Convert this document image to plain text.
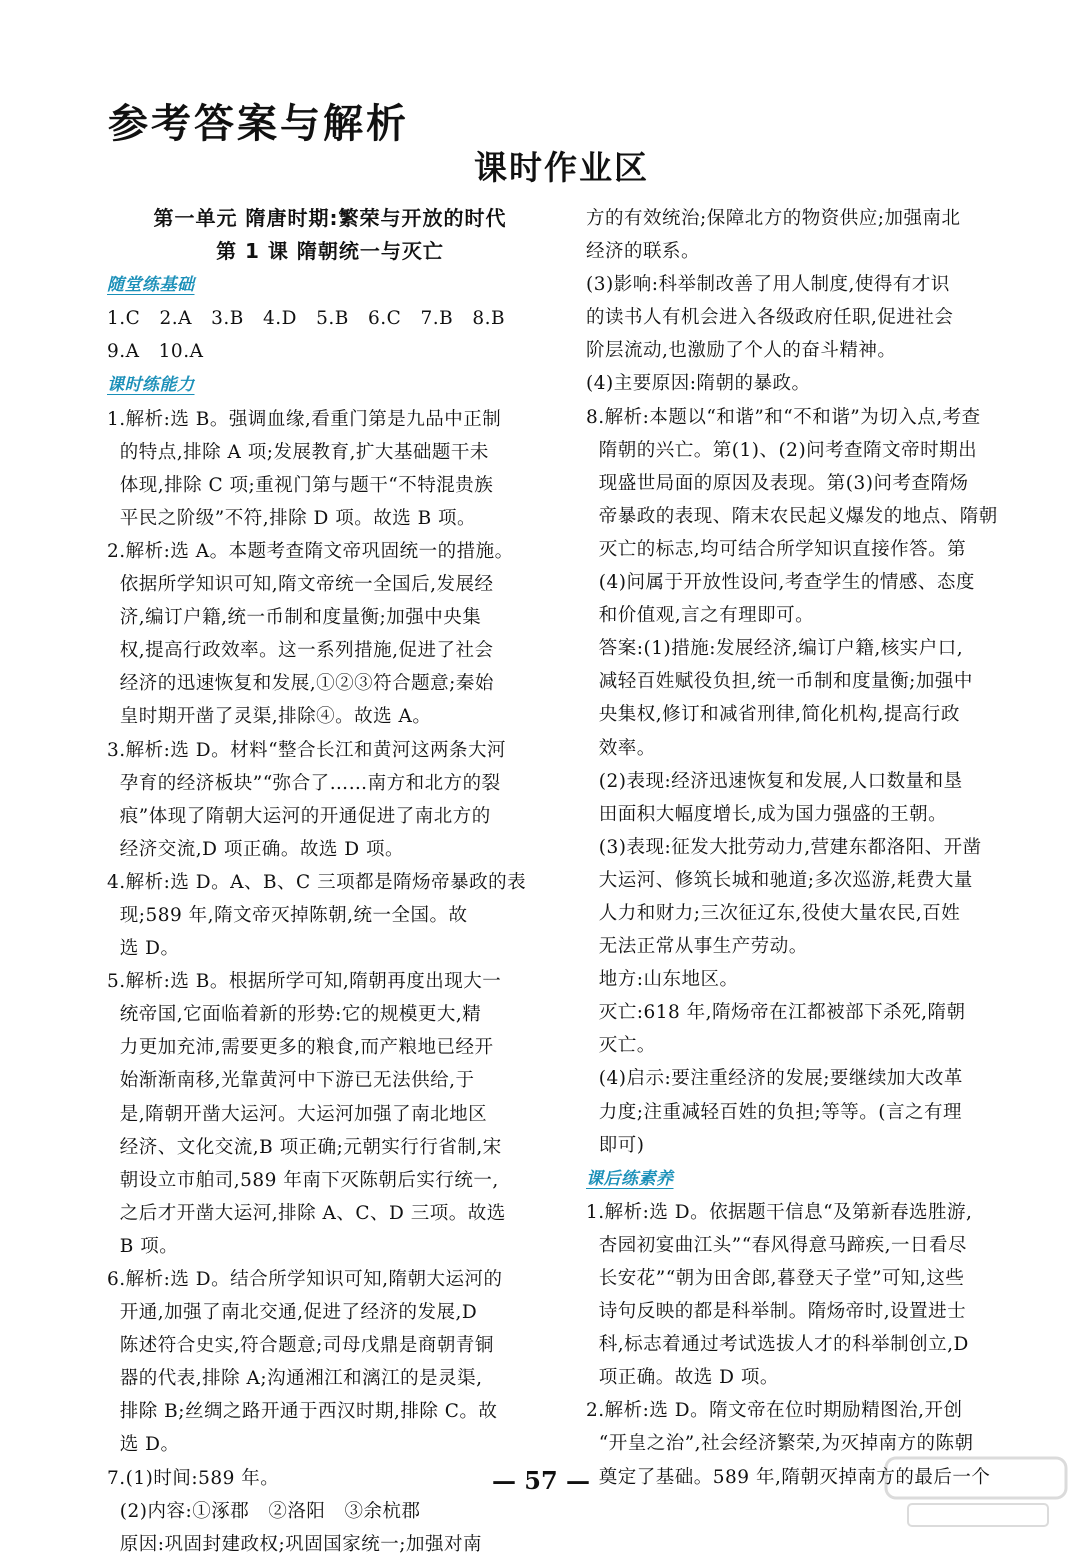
参考答案与解析
课时作业区
第一单元 隋唐时期:繁荣与开放的时代
第 1 课 隋朝统一与灭亡
随堂练基础
1.C   2.A   3.B   4.D   5.B   6.C   7.B   8.B
9.A   10.A
课时练能力
1.解析:选 B。强调血缘,看重门第是九品中正制
的特点,排除 A 项;发展教育,扩大基础题干未
体现,排除 C 项;重视门第与题干“不特混贵族
平民之阶级”不符,排除 D 项。故选 B 项。
2.解析:选 A。本题考查隋文帝巩固统一的措施。
依据所学知识可知,隋文帝统一全国后,发展经
济,编订户籍,统一币制和度量衡;加强中央集
权,提高行政效率。这一系列措施,促进了社会
经济的迅速恢复和发展,①②③符合题意;秦始
皇时期开凿了灵渠,排除④。故选 A。
3.解析:选 D。材料“整合长江和黄河这两条大河
孕育的经济板块”“弥合了……南方和北方的裂
痕”体现了隋朝大运河的开通促进了南北方的
经济交流,D 项正确。故选 D 项。
4.解析:选 D。A、B、C 三项都是隋炀帝暴政的表
现;589 年,隋文帝灭掉陈朝,统一全国。故
选 D。
5.解析:选 B。根据所学可知,隋朝再度出现大一
统帝国,它面临着新的形势:它的规模更大,精
力更加充沛,需要更多的粮食,而产粮地已经开
始渐渐南移,光靠黄河中下游已无法供给,于
是,隋朝开凿大运河。大运河加强了南北地区
经济、文化交流,B 项正确;元朝实行行省制,宋
朝设立市舶司,589 年南下灭陈朝后实行统一,
之后才开凿大运河,排除 A、C、D 三项。故选
B 项。
6.解析:选 D。结合所学知识可知,隋朝大运河的
开通,加强了南北交通,促进了经济的发展,D
陈述符合史实,符合题意;司母戊鼎是商朝青铜
器的代表,排除 A;沟通湘江和漓江的是灵渠,
排除 B;丝绸之路开通于西汉时期,排除 C。故
选 D。
7.(1)时间:589 年。
(2)内容:①涿郡   ②洛阳   ③余杭郡
原因:巩固封建政权;巩固国家统一;加强对南
方的有效统治;保障北方的物资供应;加强南北
经济的联系。
(3)影响:科举制改善了用人制度,使得有才识
的读书人有机会进入各级政府任职,促进社会
阶层流动,也激励了个人的奋斗精神。
(4)主要原因:隋朝的暴政。
8.解析:本题以“和谐”和“不和谐”为切入点,考查
隋朝的兴亡。第(1)、(2)问考查隋文帝时期出
现盛世局面的原因及表现。第(3)问考查隋炀
帝暴政的表现、隋末农民起义爆发的地点、隋朝
灭亡的标志,均可结合所学知识直接作答。第
(4)问属于开放性设问,考查学生的情感、态度
和价值观,言之有理即可。
答案:(1)措施:发展经济,编订户籍,核实户口,
减轻百姓赋役负担,统一币制和度量衡;加强中
央集权,修订和减省刑律,简化机构,提高行政
效率。
(2)表现:经济迅速恢复和发展,人口数量和垦
田面积大幅度增长,成为国力强盛的王朝。
(3)表现:征发大批劳动力,营建东都洛阳、开凿
大运河、修筑长城和驰道;多次巡游,耗费大量
人力和财力;三次征辽东,役使大量农民,百姓
无法正常从事生产劳动。
地方:山东地区。
灭亡:618 年,隋炀帝在江都被部下杀死,隋朝
灭亡。
(4)启示:要注重经济的发展;要继续加大改革
力度;注重减轻百姓的负担;等等。(言之有理
即可)
课后练素养
1.解析:选 D。依据题干信息“及第新春选胜游,
杏园初宴曲江头”“春风得意马蹄疾,一日看尽
长安花”“朝为田舍郎,暮登天子堂”可知,这些
诗句反映的都是科举制。隋炀帝时,设置进士
科,标志着通过考试选拔人才的科举制创立,D
项正确。故选 D 项。
2.解析:选 D。隋文帝在位时期励精图治,开创
“开皇之治”,社会经济繁荣,为灭掉南方的陈朝
奠定了基础。589 年,隋朝灭掉南方的最后一个
— 57 —
